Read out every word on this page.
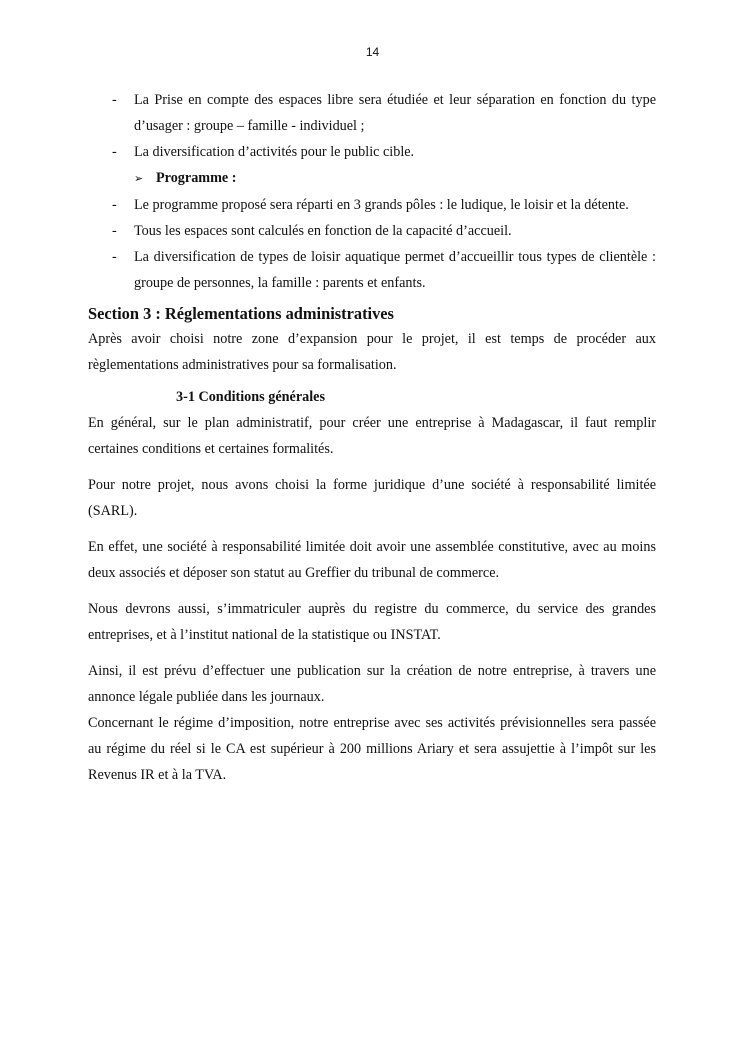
14
- La Prise en compte des espaces libre sera étudiée et leur séparation en fonction du type d’usager : groupe – famille - individuel ;
- La diversification d’activités pour le public cible.
➢ Programme :
- Le programme proposé sera réparti en 3 grands pôles : le ludique, le loisir et la détente.
- Tous les espaces sont calculés en fonction de la capacité d’accueil.
- La diversification de types de loisir aquatique permet d’accueillir tous types de clientèle : groupe de personnes, la famille : parents et enfants.
Section 3 : Réglementations administratives
Après avoir choisi notre zone d’expansion pour le projet, il est temps de procéder aux règlementations administratives pour sa formalisation.
3-1 Conditions générales
En général, sur le plan administratif, pour créer une entreprise à Madagascar, il faut remplir certaines conditions et certaines formalités.
Pour notre projet, nous avons choisi la forme juridique d’une société à responsabilité limitée (SARL).
En effet, une société à responsabilité limitée doit avoir une assemblée constitutive, avec au moins deux associés et déposer son statut au Greffier du tribunal de commerce.
Nous devrons aussi, s’immatriculer auprès du registre du commerce, du service des grandes entreprises, et à l’institut national de la statistique ou INSTAT.
Ainsi, il est prévu d’effectuer une publication sur la création de notre entreprise, à travers une annonce légale publiée dans les journaux.
Concernant le régime d’imposition, notre entreprise avec ses activités prévisionnelles sera passée au régime du réel si le CA est supérieur à 200 millions Ariary et sera assujettie à l’impôt sur les Revenus IR et à la TVA.
